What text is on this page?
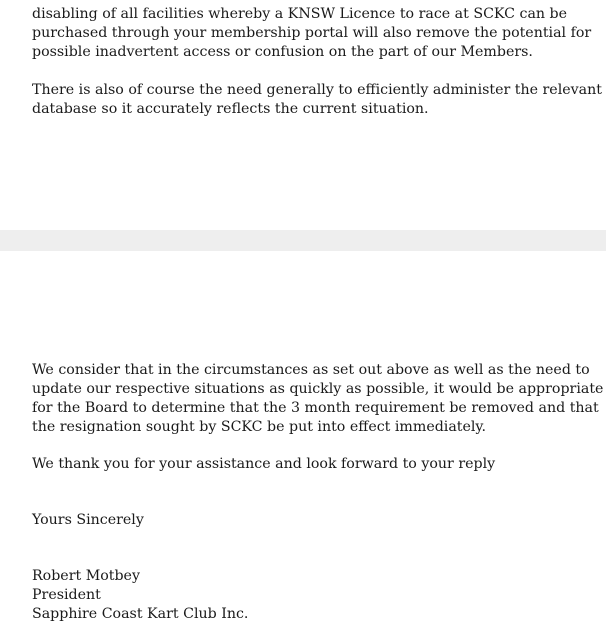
disabling of all facilities whereby a KNSW Licence to race at SCKC can be
purchased through your membership portal will also remove the potential for
possible inadvertent access or confusion on the part of our Members.

There is also of course the need generally to efficiently administer the relevant
database so it accurately reflects the current situation.

We consider that in the circumstances as set out above as well as the need to
update our respective situations as quickly as possible, it would be appropriate
for the Board to determine that the 3 month requirement be removed and that
the resignation sought by SCKC be put into effect immediately.

We thank you for your assistance and look forward to your reply

Yours Sincerely

Robert Motbey
President
Sapphire Coast Kart Club Inc.
